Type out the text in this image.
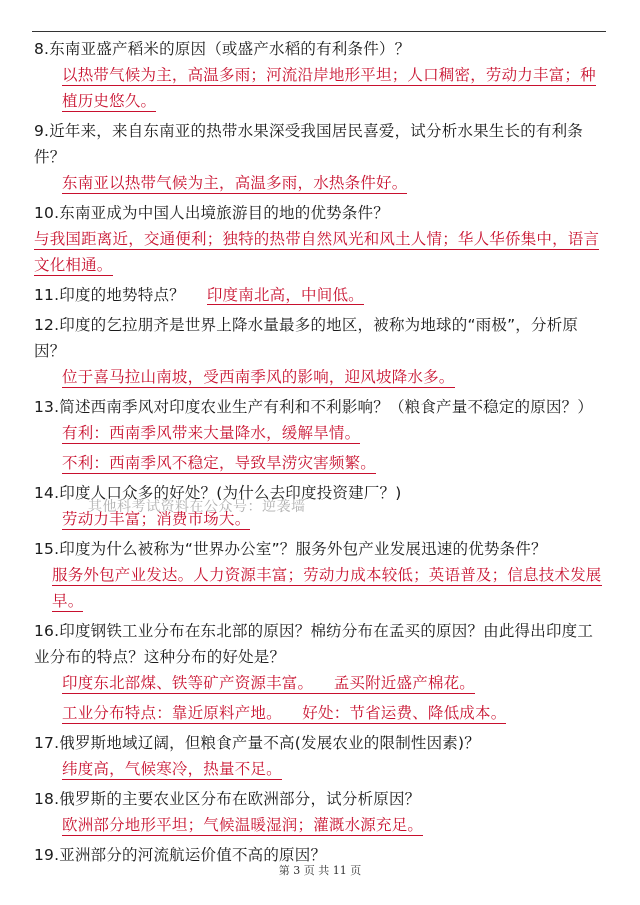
8.东南亚盛产稻米的原因（或盛产水稻的有利条件）？

以热带气候为主，高温多雨；河流沿岸地形平坦；人口稠密，劳动力丰富；种植历史悠久。

9.近年来，来自东南亚的热带水果深受我国居民喜爱，试分析水果生长的有利条件？

东南亚以热带气候为主，高温多雨，水热条件好。

10.东南亚成为中国人出境旅游目的地的优势条件？

与我国距离近，交通便利；独特的热带自然风光和风土人情；华人华侨集中，语言文化相通。

11.印度的地势特点？ 印度南北高，中间低。

12.印度的乞拉朋齐是世界上降水量最多的地区，被称为地球的“雨极”，分析原因？

位于喜马拉山南坡，受西南季风的影响，迎风坡降水多。

13.简述西南季风对印度农业生产有利和不利影响？（粮食产量不稳定的原因？）

有利：西南季风带来大量降水，缓解旱情。

不利：西南季风不稳定，导致旱涝灾害频繁。

14.印度人口众多的好处？(为什么去印度投资建厂？)

劳动力丰富；消费市场大。

15.印度为什么被称为“世界办公室”？服务外包产业发展迅速的优势条件？

服务外包产业发达。人力资源丰富；劳动力成本较低；英语普及；信息技术发展早。

16.印度钢铁工业分布在东北部的原因？棉纺分布在孟买的原因？由此得出印度工业分布的特点？这种分布的好处是？

印度东北部煤、铁等矿产资源丰富。    孟买附近盛产棉花。

工业分布特点：靠近原料产地。    好处：节省运费、降低成本。

17.俄罗斯地域辽阔，但粮食产量不高(发展农业的限制性因素)？

纬度高，气候寒冷，热量不足。

18.俄罗斯的主要农业区分布在欧洲部分，试分析原因？

欧洲部分地形平坦；气候温暖湿润；灌溉水源充足。

19.亚洲部分的河流航运价值不高的原因？

其他科考试资料在公众号：逆袭墙
第 3 页 共 11 页
